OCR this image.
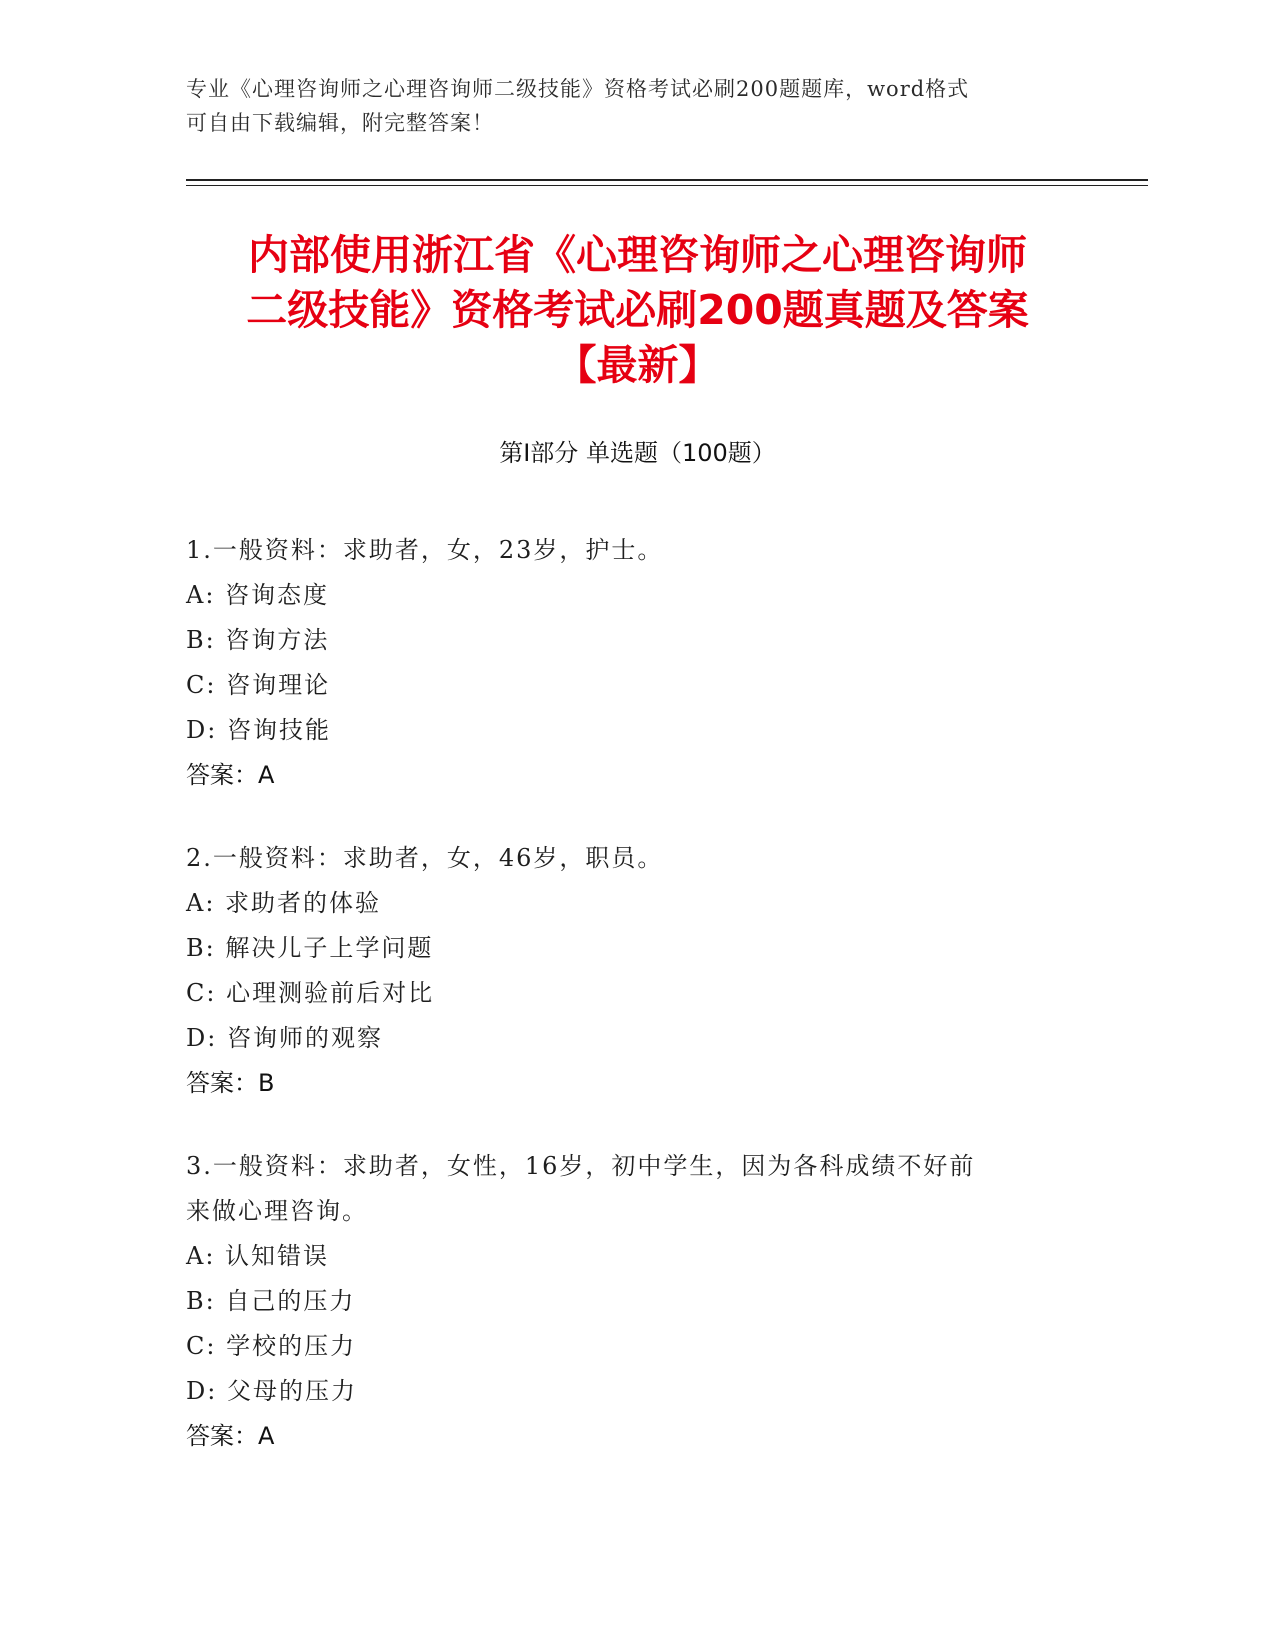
专业《心理咨询师之心理咨询师二级技能》资格考试必刷200题题库，word格式

可自由下载编辑，附完整答案！

内部使用浙江省《心理咨询师之心理咨询师

二级技能》资格考试必刷200题真题及答案

【最新】

第Ⅰ部分 单选题（100题）

1.一般资料：求助者，女，23岁，护士。

A: 咨询态度

B: 咨询方法

C: 咨询理论

D: 咨询技能

答案：A

2.一般资料：求助者，女，46岁，职员。

A: 求助者的体验

B: 解决儿子上学问题

C: 心理测验前后对比

D: 咨询师的观察

答案：B

3.一般资料：求助者，女性，16岁，初中学生，因为各科成绩不好前

来做心理咨询。

A: 认知错误

B: 自己的压力

C: 学校的压力

D: 父母的压力

答案：A
